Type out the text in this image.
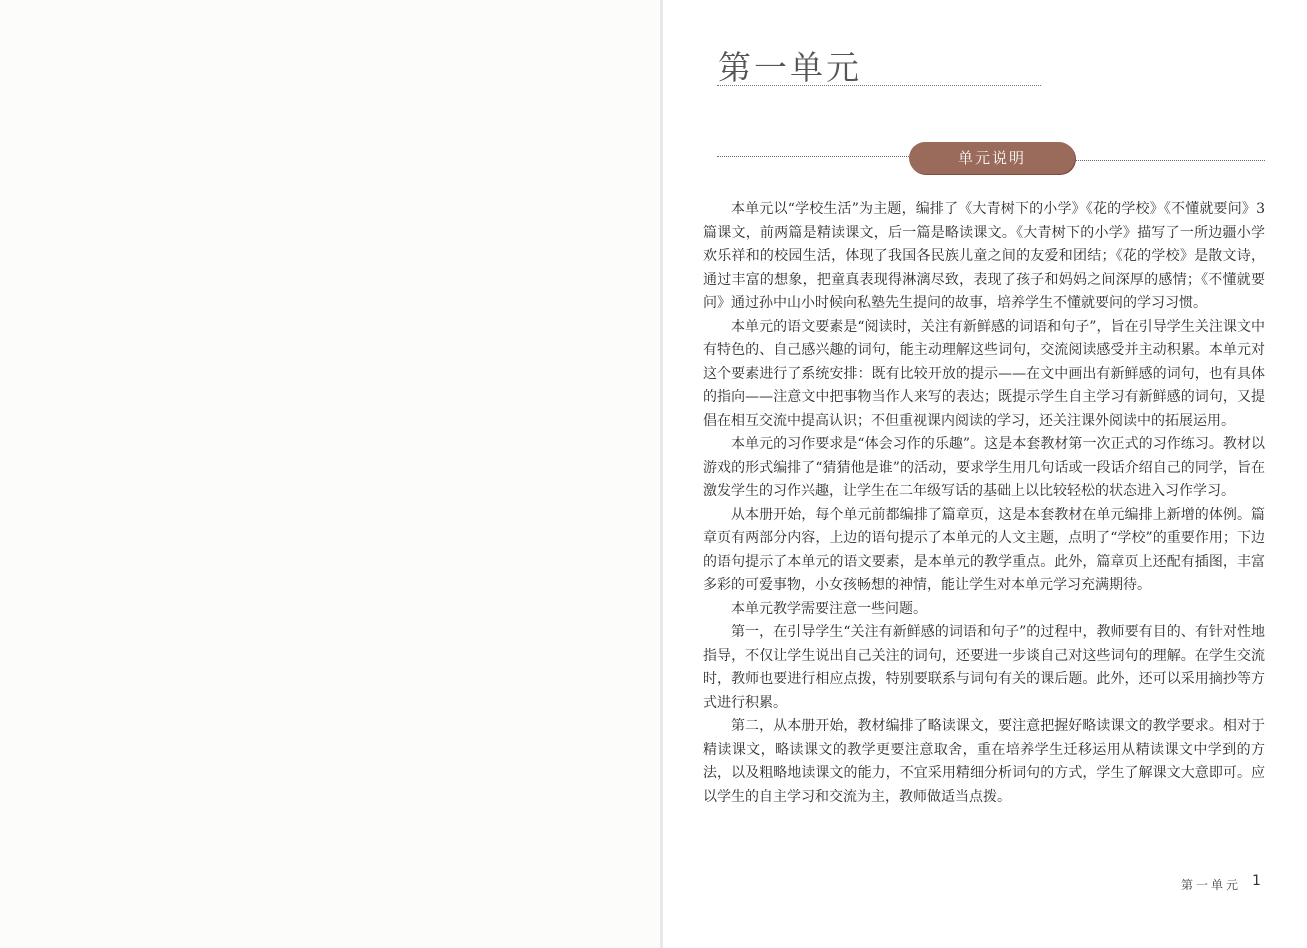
第一单元
单元说明

本单元以“学校生活”为主题，编排了《大青树下的小学》《花的学校》《不懂就要问》3篇课文，前两篇是精读课文，后一篇是略读课文。《大青树下的小学》描写了一所边疆小学欢乐祥和的校园生活，体现了我国各民族儿童之间的友爱和团结；《花的学校》是散文诗，通过丰富的想象，把童真表现得淋漓尽致，表现了孩子和妈妈之间深厚的感情；《不懂就要问》通过孙中山小时候向私塾先生提问的故事，培养学生不懂就要问的学习习惯。

本单元的语文要素是“阅读时，关注有新鲜感的词语和句子”，旨在引导学生关注课文中有特色的、自己感兴趣的词句，能主动理解这些词句，交流阅读感受并主动积累。本单元对这个要素进行了系统安排：既有比较开放的提示——在文中画出有新鲜感的词句，也有具体的指向——注意文中把事物当作人来写的表达；既提示学生自主学习有新鲜感的词句，又提倡在相互交流中提高认识；不但重视课内阅读的学习，还关注课外阅读中的拓展运用。

本单元的习作要求是“体会习作的乐趣”。这是本套教材第一次正式的习作练习。教材以游戏的形式编排了“猜猜他是谁”的活动，要求学生用几句话或一段话介绍自己的同学，旨在激发学生的习作兴趣，让学生在二年级写话的基础上以比较轻松的状态进入习作学习。

从本册开始，每个单元前都编排了篇章页，这是本套教材在单元编排上新增的体例。篇章页有两部分内容，上边的语句提示了本单元的人文主题，点明了“学校”的重要作用；下边的语句提示了本单元的语文要素，是本单元的教学重点。此外，篇章页上还配有插图，丰富多彩的可爱事物，小女孩畅想的神情，能让学生对本单元学习充满期待。

本单元教学需要注意一些问题。

第一，在引导学生“关注有新鲜感的词语和句子”的过程中，教师要有目的、有针对性地指导，不仅让学生说出自己关注的词句，还要进一步谈自己对这些词句的理解。在学生交流时，教师也要进行相应点拨，特别要联系与词句有关的课后题。此外，还可以采用摘抄等方式进行积累。

第二，从本册开始，教材编排了略读课文，要注意把握好略读课文的教学要求。相对于精读课文，略读课文的教学更要注意取舍，重在培养学生迁移运用从精读课文中学到的方法，以及粗略地读课文的能力，不宜采用精细分析词句的方式，学生了解课文大意即可。应以学生的自主学习和交流为主，教师做适当点拨。

第一单元 1
